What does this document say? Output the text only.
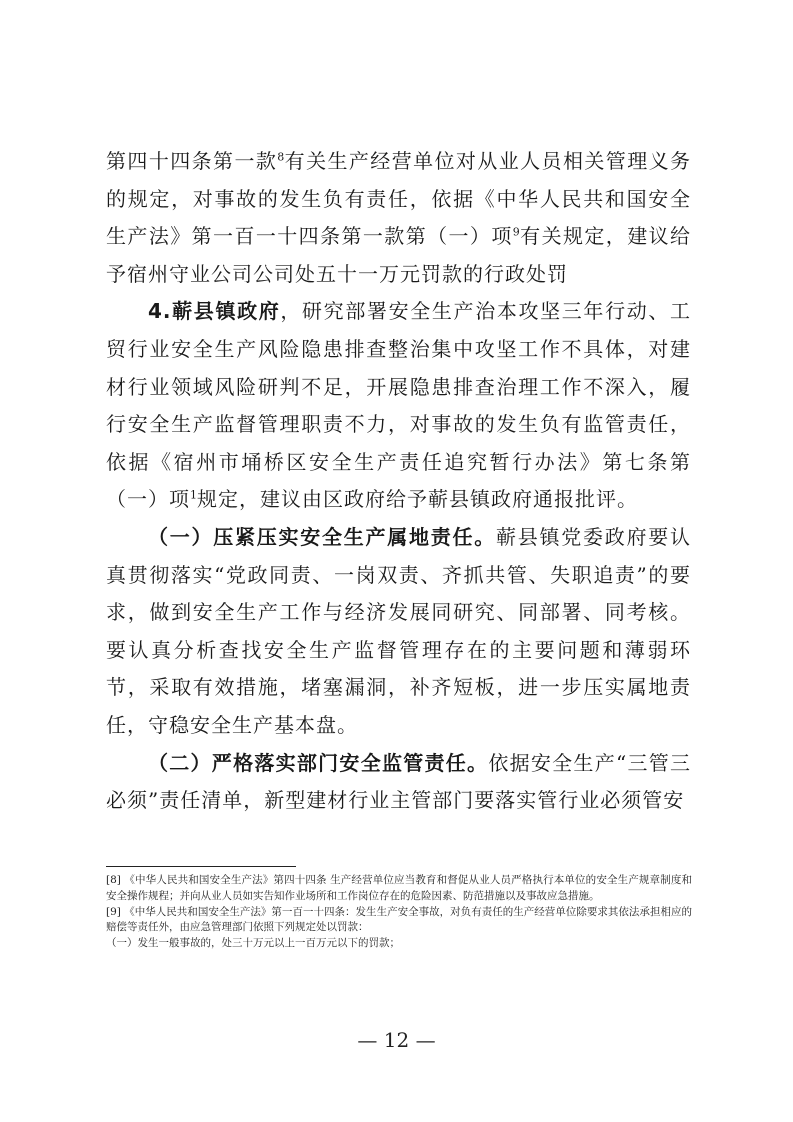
第四十四条第一款$^8$有关生产经营单位对从业人员相关管理义务的规定，对事故的发生负有责任，依据《中华人民共和国安全生产法》第一百一十四条第一款第（一）项$^9$有关规定，建议给予宿州守业公司公司处五十一万元罚款的行政处罚

4.蕲县镇政府，研究部署安全生产治本攻坚三年行动、工贸行业安全生产风险隐患排查整治集中攻坚工作不具体，对建材行业领域风险研判不足，开展隐患排查治理工作不深入，履行安全生产监督管理职责不力，对事故的发生负有监管责任，依据《宿州市埇桥区安全生产责任追究暂行办法》第七条第（一）项$^1$规定，建议由区政府给予蕲县镇政府通报批评。

（一）压紧压实安全生产属地责任。蕲县镇党委政府要认真贯彻落实“党政同责、一岗双责、齐抓共管、失职追责”的要求，做到安全生产工作与经济发展同研究、同部署、同考核。要认真分析查找安全生产监督管理存在的主要问题和薄弱环节，采取有效措施，堵塞漏洞，补齐短板，进一步压实属地责任，守稳安全生产基本盘。

（二）严格落实部门安全监管责任。依据安全生产“三管三必须”责任清单，新型建材行业主管部门要落实管行业必须管安

[8] 《中华人民共和国安全生产法》第四十四条 生产经营单位应当教育和督促从业人员严格执行本单位的安全生产规章制度和安全操作规程；并向从业人员如实告知作业场所和工作岗位存在的危险因素、防范措施以及事故应急措施。

[9] 《中华人民共和国安全生产法》第一百一十四条：发生生产安全事故，对负有责任的生产经营单位除要求其依法承担相应的赔偿等责任外，由应急管理部门依照下列规定处以罚款：

（一）发生一般事故的，处三十万元以上一百万元以下的罚款；

— 12 —
